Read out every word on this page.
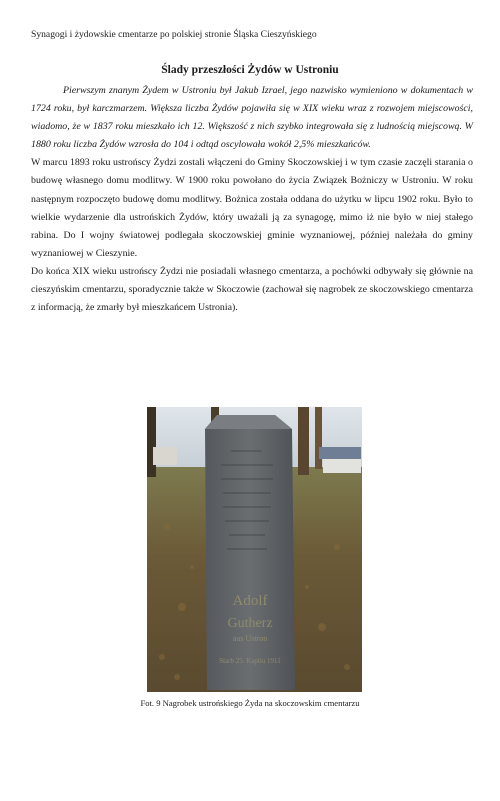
Synagogi i żydowskie cmentarze po polskiej stronie Śląska Cieszyńskiego
Ślady przeszłości Żydów w Ustroniu

Pierwszym znanym Żydem w Ustroniu był Jakub Izrael, jego nazwisko wymieniono w dokumentach w 1724 roku, był karczmarzem. Większa liczba Żydów pojawiła się w XIX wieku wraz z rozwojem miejscowości, wiadomo, że w 1837 roku mieszkało ich 12. Większość z nich szybko integrowała się z ludnością miejscową. W 1880 roku liczba Żydów wzrosła do 104 i odtąd oscylowała wokół 2,5% mieszkańców.

W marcu 1893 roku ustrońscy Żydzi zostali włączeni do Gminy Skoczowskiej i w tym czasie zaczęli starania o budowę własnego domu modlitwy. W 1900 roku powołano do życia Związek Bożniczy w Ustroniu. W roku następnym rozpoczęto budowę domu modlitwy. Bożnica została oddana do użytku w lipcu 1902 roku. Było to wielkie wydarzenie dla ustrońskich Żydów, który uważali ją za synagogę, mimo iż nie było w niej stałego rabina. Do I wojny światowej podlegała skoczowskiej gminie wyznaniowej, później należała do gminy wyznaniowej w Cieszynie.

Do końca XIX wieku ustrońscy Żydzi nie posiadali własnego cmentarza, a pochówki odbywały się głównie na cieszyńskim cmentarzu, sporadycznie także w Skoczowie (zachował się nagrobek ze skoczowskiego cmentarza z informacją, że zmarły był mieszkańcem Ustronia).

Adolf
Gutherz
aus Ustron
Starb 25. Kapliu 1911
Fot. 9 Nagrobek ustrońskiego Żyda na skoczowskim cmentarzu
